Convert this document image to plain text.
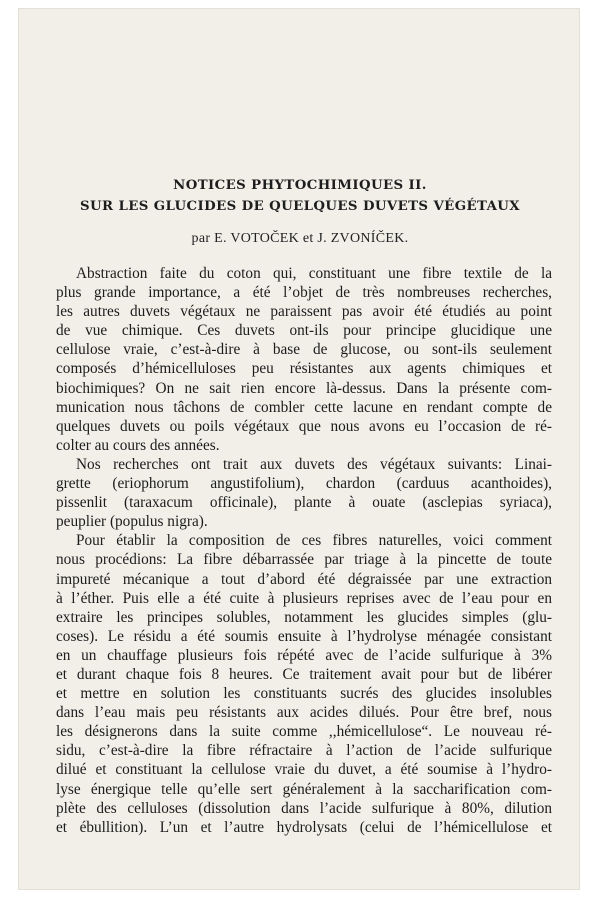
NOTICES PHYTOCHIMIQUES II.
SUR LES GLUCIDES DE QUELQUES DUVETS VÉGÉTAUX
par E. VOTOČEK et J. ZVONÍČEK.
Abstraction faite du coton qui, constituant une fibre textile de la
plus grande importance, a été l’objet de très nombreuses recherches,
les autres duvets végétaux ne paraissent pas avoir été étudiés au point
de vue chimique. Ces duvets ont-ils pour principe glucidique une
cellulose vraie, c’est-à-dire à base de glucose, ou sont-ils seulement
composés d’hémicelluloses peu résistantes aux agents chimiques et
biochimiques? On ne sait rien encore là-dessus. Dans la présente com-
munication nous tâchons de combler cette lacune en rendant compte de
quelques duvets ou poils végétaux que nous avons eu l’occasion de ré-
colter au cours des années.
Nos recherches ont trait aux duvets des végétaux suivants: Linai-
grette (eriophorum angustifolium), chardon (carduus acanthoides),
pissenlit (taraxacum officinale), plante à ouate (asclepias syriaca),
peuplier (populus nigra).
Pour établir la composition de ces fibres naturelles, voici comment
nous procédions: La fibre débarrassée par triage à la pincette de toute
impureté mécanique a tout d’abord été dégraissée par une extraction
à l’éther. Puis elle a été cuite à plusieurs reprises avec de l’eau pour en
extraire les principes solubles, notamment les glucides simples (glu-
coses). Le résidu a été soumis ensuite à l’hydrolyse ménagée consistant
en un chauffage plusieurs fois répété avec de l’acide sulfurique à 3%
et durant chaque fois 8 heures. Ce traitement avait pour but de libérer
et mettre en solution les constituants sucrés des glucides insolubles
dans l’eau mais peu résistants aux acides dilués. Pour être bref, nous
les désignerons dans la suite comme ,,hémicellulose“. Le nouveau ré-
sidu, c’est-à-dire la fibre réfractaire à l’action de l’acide sulfurique
dilué et constituant la cellulose vraie du duvet, a été soumise à l’hydro-
lyse énergique telle qu’elle sert généralement à la saccharification com-
plète des celluloses (dissolution dans l’acide sulfurique à 80%, dilution
et ébullition). L’un et l’autre hydrolysats (celui de l’hémicellulose et
